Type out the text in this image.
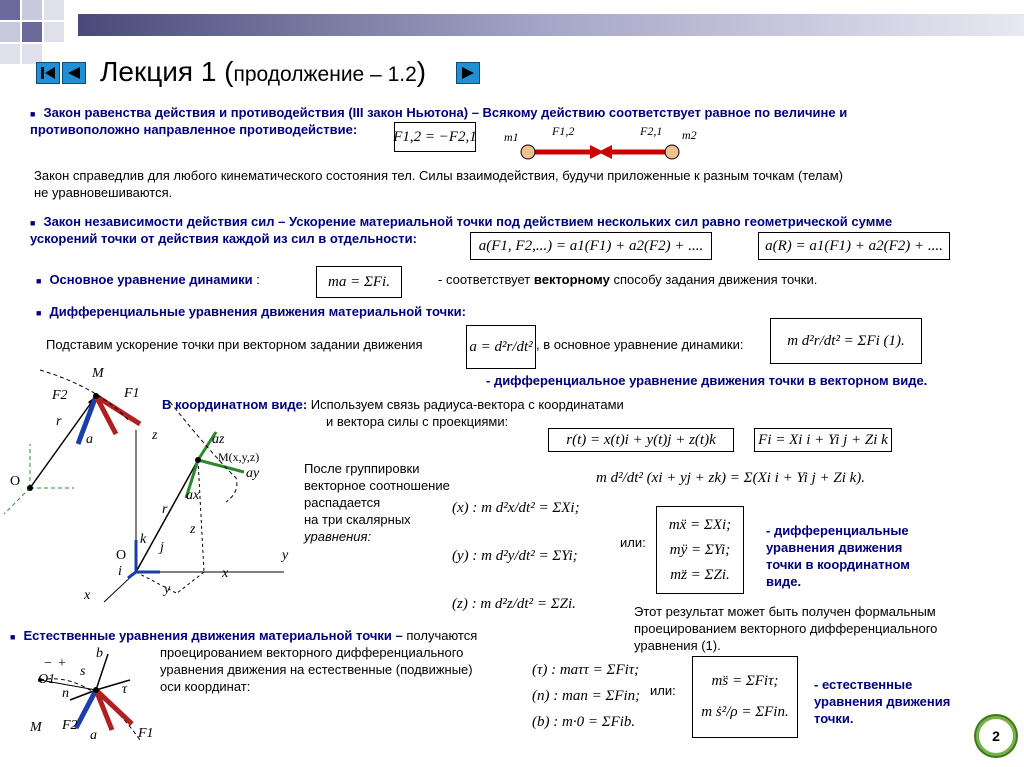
Лекция 1 (продолжение – 1.2)
■ Закон равенства действия и противодействия (III закон Ньютона) – Всякому действию соответствует равное по величине и
противоположно направленное противодействие: F1,2 = −F2,1 m1	m2
F1,2	F2,1
Закон справедлив для любого кинематического состояния тел. Силы взаимодействия, будучи приложенные к разным точкам (телам)
не уравновешиваются.
■ Закон независимости действия сил – Ускорение материальной точки под действием нескольких сил равно геометрической сумме
ускорений точки от действия каждой из сил в отдельности:	a(F1, F2,...) = a1(F1) + a2(F2) + ....	a(R) = a1(F1) + a2(F2) + ....
■ Основное уравнение динамики :	ma = ΣFi.	- соответствует векторному способу задания движения точки.
■ Дифференциальные уравнения движения материальной точки:
Подставим ускорение точки при векторном задании движения	a = d²r/dt² , в основное уравнение динамики:	m d²r/dt² = ΣFi (1).
- дифференциальное уравнение движения точки в векторном виде.
M
F2	F1
r
a
O
z	az
M(x,y,z)
ay
ax
r
z
k
j
O
i	x
y
y
x
В координатном виде: Используем связь радиуса-вектора с координатами
и вектора силы с проекциями:
r(t) = x(t)i + y(t)j + z(t)k	Fi = Xi i + Yi j + Zi k
m d²/dt² (xi + yj + zk) = Σ(Xi i + Yi j + Zi k).
После группировки
векторное соотношение
распадается
на три скалярных
уравнения:
(x) : m d²x/dt² = ΣXi;
(y) : m d²y/dt² = ΣYi;
(z) : m d²z/dt² = ΣZi.
или:
mẍ = ΣXi;
mÿ = ΣYi;
mz̈ = ΣZi.
- дифференциальные
уравнения движения
точки в координатном
виде.
Этот результат может быть получен формальным
проецированием векторного дифференциального
уравнения (1).
■ Естественные уравнения движения материальной точки – получаются
проецированием векторного дифференциального
уравнения движения на естественные (подвижные)
оси координат:
b
s
+
−
O1
n	τ
M F2
a	F1
(τ) : maττ = ΣFiτ;
(n) : man = ΣFin;
(b) : m·0 = ΣFib.
или:
ms̈ = ΣFiτ;
m ṡ²/ρ = ΣFin.
- естественные
уравнения движения
точки.
2
